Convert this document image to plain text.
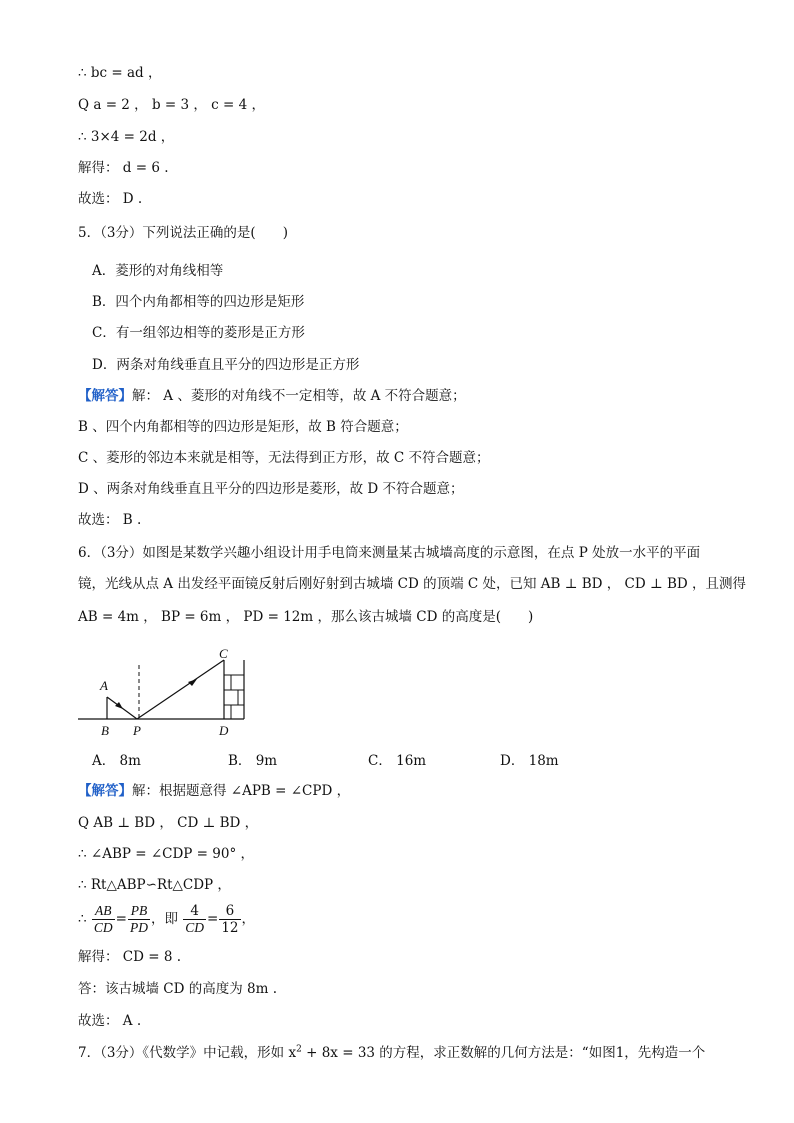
∴ bc = ad ，
Q a = 2 ， b = 3 ， c = 4 ，
∴ 3×4 = 2d ，
解得： d = 6 .
故选： D .
5．（3分）下列说法正确的是(　　)
A．菱形的对角线相等
B．四个内角都相等的四边形是矩形
C．有一组邻边相等的菱形是正方形
D．两条对角线垂直且平分的四边形是正方形
【解答】解： A 、菱形的对角线不一定相等，故 A 不符合题意；
B 、四个内角都相等的四边形是矩形，故 B 符合题意；
C 、菱形的邻边本来就是相等，无法得到正方形，故 C 不符合题意；
D 、两条对角线垂直且平分的四边形是菱形，故 D 不符合题意；
故选： B .
6．（3分）如图是某数学兴趣小组设计用手电筒来测量某古城墙高度的示意图，在点 P 处放一水平的平面
镜，光线从点 A 出发经平面镜反射后刚好射到古城墙 CD 的顶端 C 处，已知 AB ⊥ BD ， CD ⊥ BD ，且测得
AB = 4m ， BP = 6m ， PD = 12m ，那么该古城墙 CD 的高度是(　　)
A
B
C
D
P
A． 8m	B． 9m	C． 16m	D． 18m
【解答】解：根据题意得 ∠APB = ∠CPD ，
Q AB ⊥ BD ， CD ⊥ BD ，
∴ ∠ABP = ∠CDP = 90° ，
∴ Rt△ABP∽Rt△CDP ，
∴ $\frac{AB}{CD} = \frac{PB}{PD}$ ，即 $\frac{4}{CD} = \frac{6}{12}$ ，
解得： CD = 8 .
答：该古城墙 CD 的高度为 8m .
故选： A .
7．（3分）《代数学》中记载，形如 $x^2 + 8x = 33$ 的方程，求正数解的几何方法是：“如图1，先构造一个
